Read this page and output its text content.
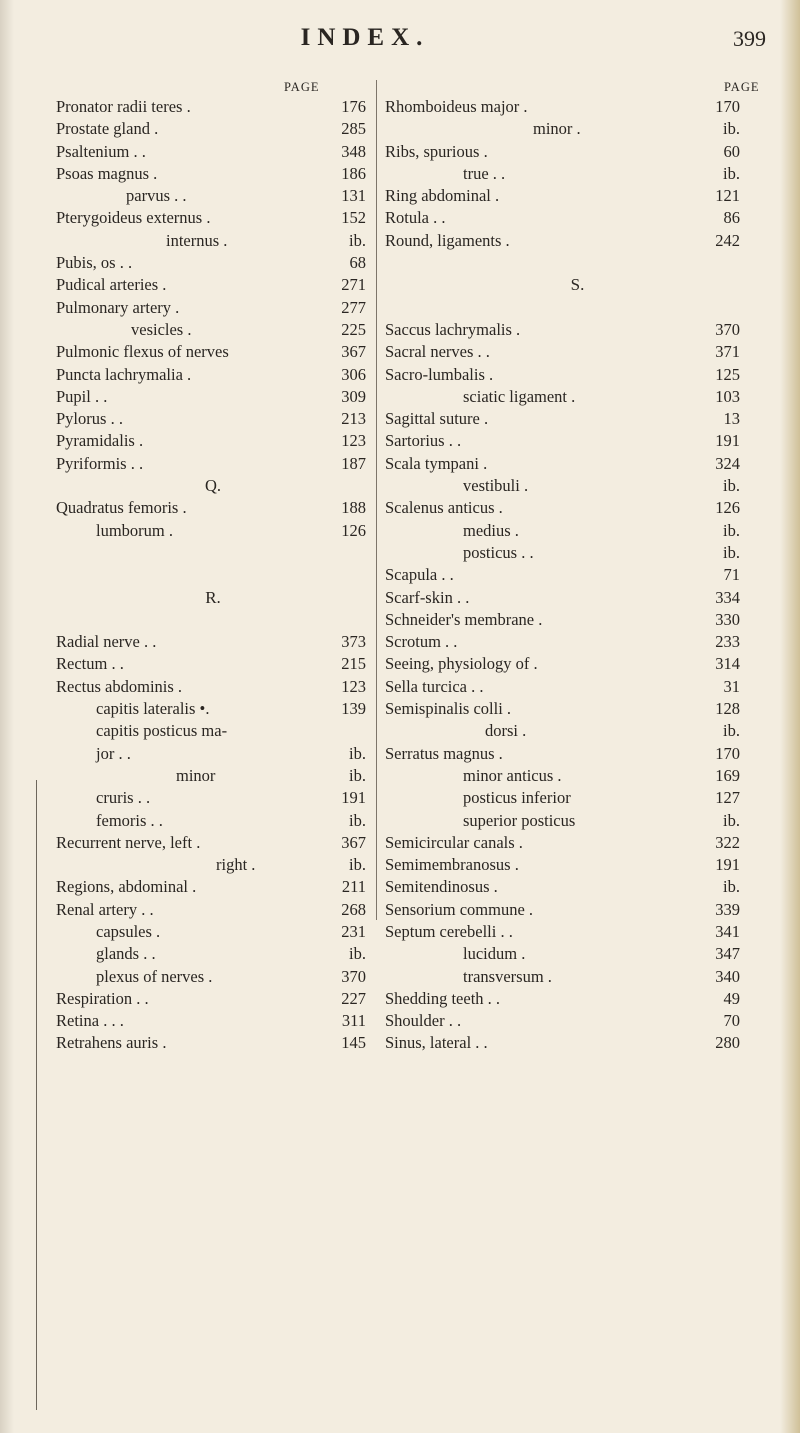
INDEX.	399
PAGE
Pronator radii teres .	176
Prostate gland .	285
Psaltenium . .	348
Psoas magnus .	186
parvus . .	131
Pterygoideus externus .	152
internus .	ib.
Pubis, os . .	68
Pudical arteries .	271
Pulmonary artery .	277
vesicles .	225
Pulmonic flexus of nerves	367
Puncta lachrymalia .	306
Pupil . .	309
Pylorus . .	213
Pyramidalis .	123
Pyriformis . .	187
Q.
Quadratus femoris .	188
lumborum .	126
R.
Radial nerve . .	373
Rectum . .	215
Rectus abdominis .	123
capitis lateralis •.	139
capitis posticus ma-
jor . .	ib.
minor	ib.
cruris . .	191
femoris . .	ib.
Recurrent nerve, left .	367
right .	ib.
Regions, abdominal .	211
Renal artery . .	268
capsules .	231
glands . .	ib.
plexus of nerves .	370
Respiration . .	227
Retina . . .	311
Retrahens auris .	145
PAGE
Rhomboideus major .	170
minor .	ib.
Ribs, spurious .	60
true . .	ib.
Ring abdominal .	121
Rotula . .	86
Round, ligaments .	242
S.
Saccus lachrymalis .	370
Sacral nerves . .	371
Sacro-lumbalis .	125
sciatic ligament .	103
Sagittal suture .	13
Sartorius . .	191
Scala tympani .	324
vestibuli .	ib.
Scalenus anticus .	126
medius .	ib.
posticus . .	ib.
Scapula . .	71
Scarf-skin . .	334
Schneider's membrane .	330
Scrotum . .	233
Seeing, physiology of .	314
Sella turcica . .	31
Semispinalis colli .	128
dorsi .	ib.
Serratus magnus .	170
minor anticus .	169
posticus inferior	127
superior posticus	ib.
Semicircular canals .	322
Semimembranosus .	191
Semitendinosus .	ib.
Sensorium commune .	339
Septum cerebelli . .	341
lucidum .	347
transversum .	340
Shedding teeth . .	49
Shoulder . .	70
Sinus, lateral . .	280
